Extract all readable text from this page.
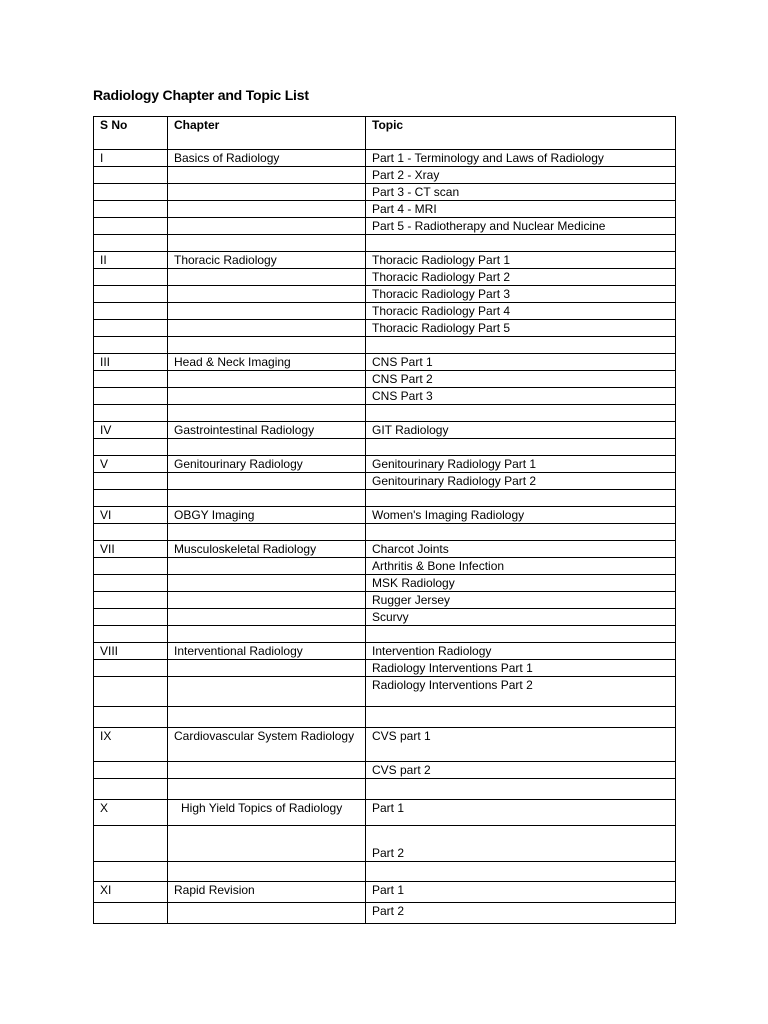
Radiology Chapter and Topic List
S No	Chapter	Topic
I	Basics of Radiology	Part 1 - Terminology and Laws of Radiology
		Part 2 - Xray
		Part 3 - CT scan
		Part 4 - MRI
		Part 5 - Radiotherapy and Nuclear Medicine

II	Thoracic Radiology	Thoracic Radiology Part 1
		Thoracic Radiology Part 2
		Thoracic Radiology Part 3
		Thoracic Radiology Part 4
		Thoracic Radiology Part 5

III	Head & Neck Imaging	CNS Part 1
		CNS Part 2
		CNS Part 3

IV	Gastrointestinal Radiology	GIT Radiology

V	Genitourinary Radiology	Genitourinary Radiology Part 1
		Genitourinary Radiology Part 2

VI	OBGY Imaging	Women's Imaging Radiology

VII	Musculoskeletal Radiology	Charcot Joints
		Arthritis & Bone Infection
		MSK Radiology
		Rugger Jersey
		Scurvy

VIII	Interventional Radiology	Intervention Radiology
		Radiology Interventions Part 1
		Radiology Interventions Part 2

IX	Cardiovascular System Radiology	CVS part 1
		CVS part 2

X	High Yield Topics of Radiology	Part 1
		Part 2

XI	Rapid Revision	Part 1
		Part 2
